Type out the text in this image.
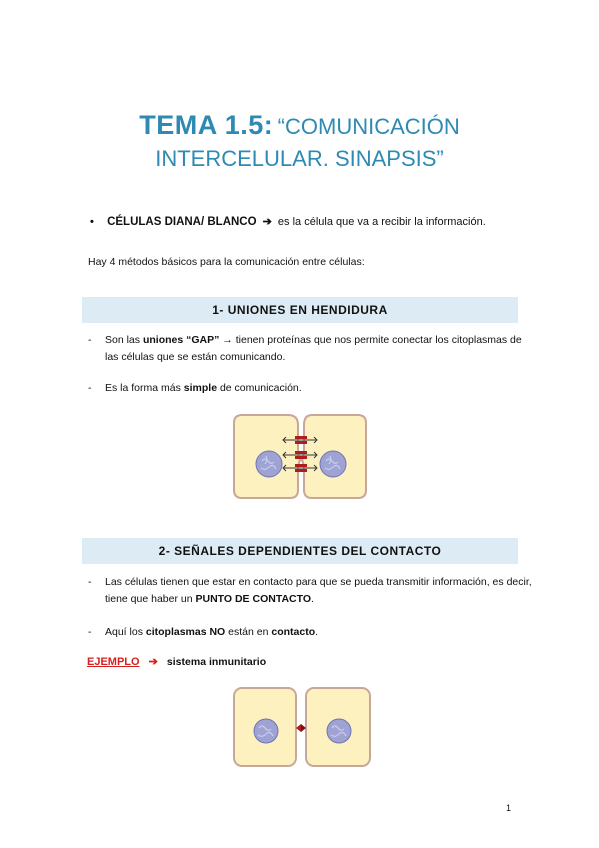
TEMA 1.5: “COMUNICACIÓN
INTERCELULAR. SINAPSIS”
• CÉLULAS DIANA/ BLANCO ➔ es la célula que va a recibir la información.
Hay 4 métodos básicos para la comunicación entre células:
1- UNIONES EN HENDIDURA
- Son las uniones “GAP” → tienen proteínas que nos permite conectar los citoplasmas de las células que se están comunicando.
- Es la forma más simple de comunicación.
2- SEÑALES DEPENDIENTES DEL CONTACTO
- Las células tienen que estar en contacto para que se pueda transmitir información, es decir, tiene que haber un PUNTO DE CONTACTO.
- Aquí los citoplasmas NO están en contacto.
EJEMPLO ➔ sistema inmunitario
1
